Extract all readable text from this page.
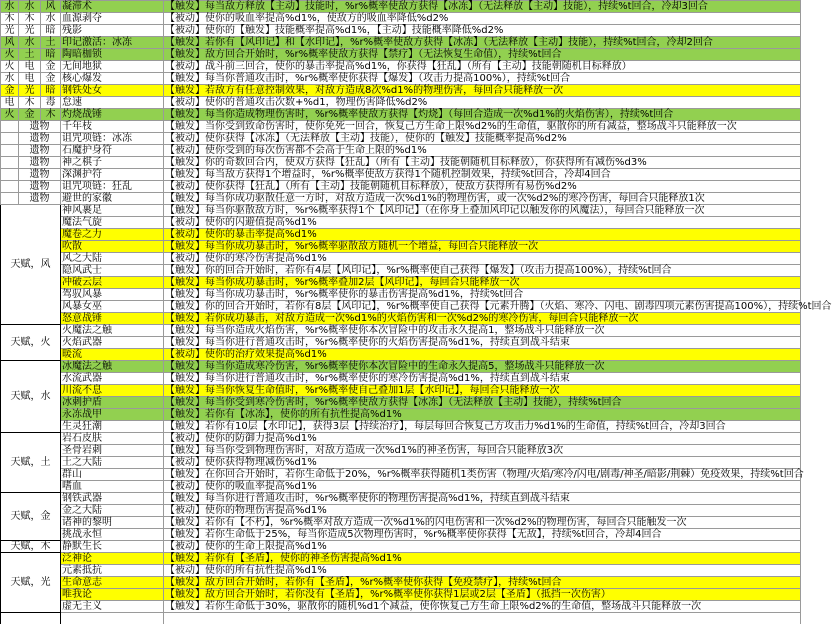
水	水	风	凝滞术	【触发】每当敌方释放【主动】技能时，%r%概率使敌方获得【冰冻】（无法释放【主动】技能），持续%t回合，冷却3回合
木	木	水	血源剥夺	【被动】使你的吸血率提高%d1%，使敌方的吸血率降低%d2%
光	光	暗	残影	【被动】使你的【触发】技能概率提高%d1%，【主动】技能概率降低%d2%
风	水	土	印记激活：冰冻	【触发】若你有【风印记】和【水印记】，%r%概率使敌方获得【冰冻】（无法释放【主动】技能），持续%t回合，冷却2回合
火	土	暗	陶暗枷锁	【触发】敌方回合开始时，%r%概率使敌方获得【禁疗】（无法恢复生命值），持续%t回合
火	电	金	无间地狱	【被动】战斗前三回合，使你的暴击率提高%d1%，你获得【狂乱】（所有【主动】技能朝随机目标释放）
水	电	金	核心爆发	【触发】每当你普通攻击时，%r%概率使你获得【爆发】（攻击力提高100%），持续%t回合
金	光	暗	钢铁处女	【触发】若敌方有任意控制效果，对敌方造成8次%d1%的物理伤害，每回合只能释放一次
电	木	毒	怠速	【被动】使你的普通攻击次数+%d1，物理伤害降低%d2%
火	金	木	灼烧战锤	【触发】每当你造成物理伤害时，%r%概率使敌方获得【灼烧】（每回合造成一次%d1%的火焰伤害），持续%t回合
	遗物		千年枝	【触发】当你受到致命伤害时，使你免死一回合，恢复己方生命上限%d2%的生命值，驱散你的所有减益，整场战斗只能释放一次
	遗物		诅咒项链：冰冻	【被动】使你获得【冰冻】（无法释放【主动】技能），使你的【触发】技能概率提高%d2%
	遗物		石魔护身符	【被动】使你受到的每次伤害都不会高于生命上限的%d1%
	遗物		神之棋子	【触发】你的奇数回合内，使双方获得【狂乱】（所有【主动】技能朝随机目标释放），你获得所有减伤%d3%
	遗物		深渊护符	【触发】每当敌方获得1个增益时，%r%概率使敌方获得1个随机控制效果，持续%t回合，冷却4回合
	遗物		诅咒项链：狂乱	【被动】使你获得【狂乱】（所有【主动】技能朝随机目标释放），使敌方获得所有易伤%d2%
	遗物		避世的家徽	【触发】每当你成功驱散任意一方时，对敌方造成一次%d1%的物理伤害，或一次%d2%的寒冷伤害，每回合只能释放1次
天赋，风			神风裹足	【触发】每当你驱散敌方时，%r%概率获得1个【风印记】（在你身上叠加风印记以触发你的风魔法），每回合只能释放一次
			魔法气旋	【被动】使你的闪避值提高%d1%
			魔卷之力	【被动】使你的暴击率提高%d1%
			吹散	【触发】每当你成功暴击时，%r%概率驱散敌方随机一个增益，每回合只能释放一次
			风之大陆	【被动】使你的寒冷伤害提高%d1%
			隐风武士	【触发】你的回合开始时，若你有4层【风印记】，%r%概率使自己获得【爆发】（攻击力提高100%），持续%t回合
			冲破云层	【触发】每当你成功暴击时，%r%概率叠加2层【风印记】，每回合只能释放一次
			驾驭风暴	【触发】每当你成功暴击时，%r%概率使你的暴击伤害提高%d1%，持续%t回合
			风暴女巫	【触发】你的回合开始时，若你有8层【风印记】，%r%概率使自己获得【元素升腾】（火焰、寒冷、闪电、剧毒四项元素伤害提高100%），持续%t回合
			怒意战锤	【触发】若你成功暴击，对敌方造成一次%d1%的火焰伤害和一次%d2%的寒冷伤害，每回合只能释放一次
天赋，火			火魔法之触	【触发】每当你造成火焰伤害，%r%概率使你本次冒险中的攻击永久提高1，整场战斗只能释放一次
			火焰武器	【触发】每当你进行普通攻击时，%r%概率使你的火焰伤害提高%d1%，持续直到战斗结束
			暖流	【被动】使你的治疗效果提高%d1%
天赋，水			冰魔法之触	【触发】每当你造成寒冷伤害，%r%概率使你本次冒险中的生命永久提高5，整场战斗只能释放一次
			水流武器	【触发】每当你进行普通攻击时，%r%概率使你的寒冷伤害提高%d1%，持续直到战斗结束
			川流不息	【触发】每当你恢复生命值时，%r%概率使自己叠加1层【水印记】，每回合只能释放一次
			冰刺护盾	【触发】每当你受到寒冷伤害时，%r%概率使敌方获得【冰冻】（无法释放【主动】技能），持续%t回合
			永冻战甲	【触发】若你有【冰冻】，使你的所有抗性提高%d1%
			生灵狂潮	【触发】若你有10层【水印记】，获得3层【持续治疗】，每层每回合恢复己方攻击力%d1%的生命值，持续%t回合，冷却3回合
天赋，土			岩石皮肤	【被动】使你的防御力提高%d1%
			圣骨岩刺	【触发】每当你受到物理伤害时，对敌方造成一次%d1%的神圣伤害，每回合只能释放3次
			土之大陆	【被动】使你获得物理减伤%d1%
			群山	【触发】在你回合开始时，若你生命低于20%，%r%概率获得随机1类伤害（物理/火焰/寒冷/闪电/剧毒/神圣/暗影/荆棘）免疫效果，持续%t回合
			嗜血	【被动】使你的吸血率提高%d1%
天赋，金			钢铁武器	【触发】每当你进行普通攻击时，%r%概率使你的物理伤害提高%d1%，持续直到战斗结束
			金之大陆	【被动】使你的物理伤害提高%d1%
			诸神的黎明	【触发】若你有【不朽】，%r%概率对敌方造成一次%d1%的闪电伤害和一次%d2%的物理伤害，每回合只能触发一次
			挑战永恒	【触发】若你生命低于25%，每当你造成5次物理伤害时，%r%概率使你获得【无敌】，持续%t回合，冷却4回合
天赋，木			静默生长	【被动】使你的生命上限提高%d1%
天赋，光			泛神论	【触发】若你有【圣盾】，使你的神圣伤害提高%d1%
			元素抵抗	【被动】使你的所有抗性提高%d1%
			生命意志	【触发】敌方回合开始时，若你有【圣盾】，%r%概率使你获得【免疫禁疗】，持续%t回合
			唯我论	【触发】敌方回合开始时，若你没有【圣盾】，%r%概率使你获得1层或2层【圣盾】（抵挡一次伤害）
			虚无主义	【触发】若你生命低于30%，驱散你的随机%d1个减益，使你恢复己方生命上限%d2%的生命值，整场战斗只能释放一次
